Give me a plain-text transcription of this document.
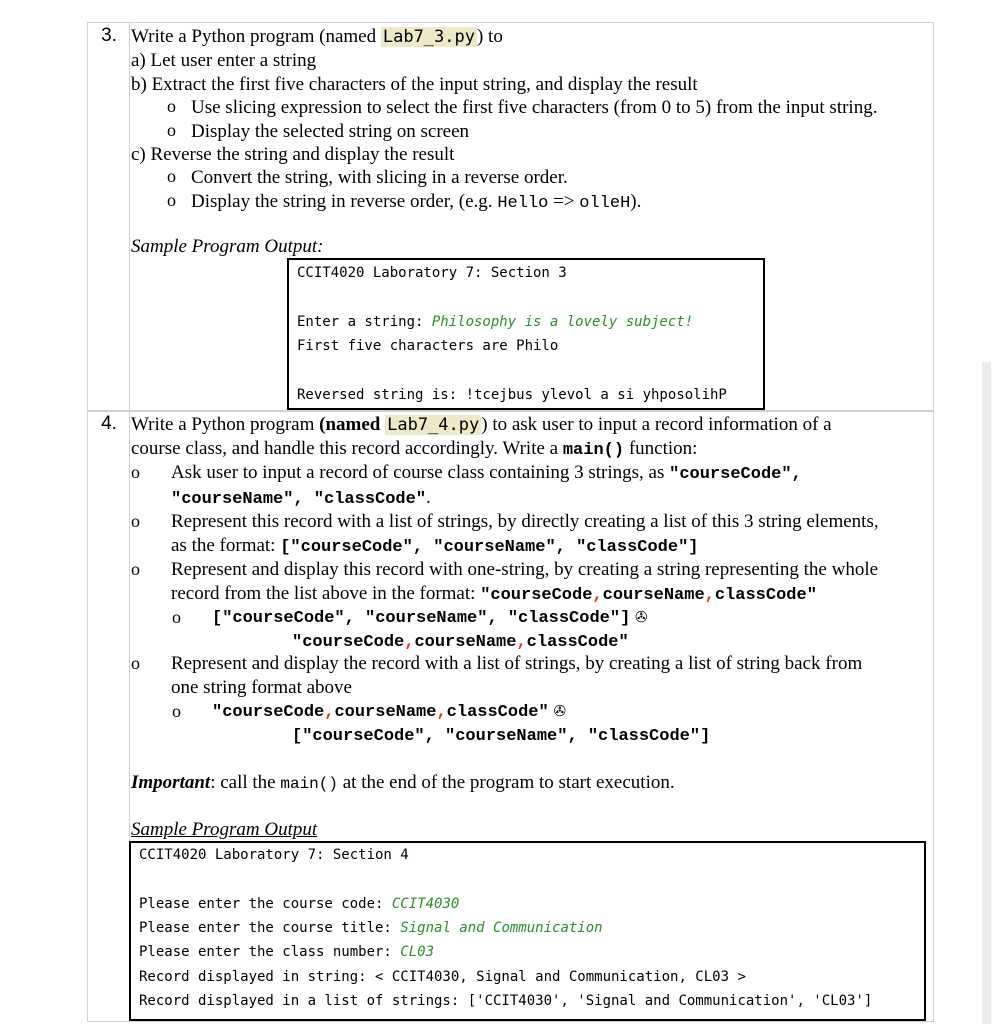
3. Write a Python program (named Lab7_3.py ) to
a) Let user enter a string
b) Extract the first five characters of the input string, and display the result
o Use slicing expression to select the first five characters (from 0 to 5) from the input string.
o Display the selected string on screen
c) Reverse the string and display the result
o Convert the string, with slicing in a reverse order.
o Display the string in reverse order, (e.g. Hello => olleH).
Sample Program Output:
CCIT4020 Laboratory 7: Section 3
Enter a string: Philosophy is a lovely subject!
First five characters are Philo
Reversed string is: !tcejbus ylevol a si yhposolihP
4. Write a Python program (named Lab7_4.py ) to ask user to input a record information of a
course class, and handle this record accordingly. Write a main() function:
o Ask user to input a record of course class containing 3 strings, as "courseCode",
"courseName", "classCode".
o Represent this record with a list of strings, by directly creating a list of this 3 string elements,
as the format: ["courseCode", "courseName", "classCode"]
o Represent and display this record with one-string, by creating a string representing the whole
record from the list above in the format: "courseCode,courseName,classCode"
o ["courseCode", "courseName", "classCode"] ✇
"courseCode,courseName,classCode"
o Represent and display the record with a list of strings, by creating a list of string back from
one string format above
o "courseCode,courseName,classCode" ✇
["courseCode", "courseName", "classCode"]
Important: call the main() at the end of the program to start execution.
Sample Program Output
CCIT4020 Laboratory 7: Section 4
Please enter the course code: CCIT4030
Please enter the course title: Signal and Communication
Please enter the class number: CL03
Record displayed in string: < CCIT4030, Signal and Communication, CL03 >
Record displayed in a list of strings: ['CCIT4030', 'Signal and Communication', 'CL03']
